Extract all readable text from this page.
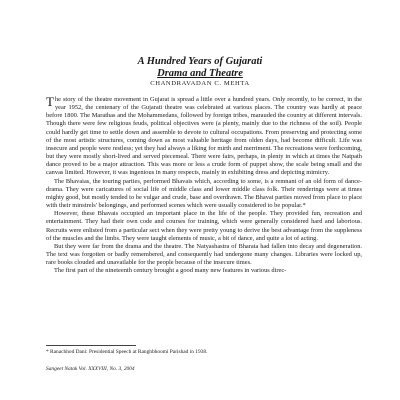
A Hundred Years of Gujarati
Drama and Theatre
CHANDRAVADAN C. MEHTA

The story of the theatre movement in Gujarat is spread a little over a hundred years. Only recently, to be correct, in the year 1952, the centenary of the Gujarati theatre was celebrated at various places. The country was hardly at peace before 1800. The Marathas and the Mohammedans, followed by foreign tribes, marauded the country at different intervals. Though there were few religious feuds, political objectives were (a plenty, mainly due to the richness of the soil). People could hardly get time to settle down and assemble to devote to cultural occupations. From preserving and protecting some of the most artistic structures, coming down as most valuable heritage from olden days, had become difficult. Life was insecure and people were restless; yet they had always a liking for mirth and merriment. The recreations were forthcoming, but they were mostly short-lived and served piecemeal. There were fairs, perhaps, in plenty in which at times the Natpath dance proved to be a major attraction. This was more or less a crude form of puppet show, the scale being small and the canvas limited. However, it was ingenious in many respects, mainly in exhibiting dress and depicting mimicry.

The Bhavaias, the touring parties, performed Bhavais which, according to some, is a remnant of an old form of dance-drama. They were caricatures of social life of middle class and lower middle class folk. Their renderings were at times mighty good, but mostly tended to be vulgar and crude, base and overdrawn. The Bhavai parties moved from place to place with their minstrels' belongings, and performed scenes which were usually considered to be popular.*

However, these Bhavais occupied an important place in the life of the people. They provided fun, recreation and entertainment. They had their own code and courses for training, which were generally considered hard and laborious. Recruits were enlisted from a particular sect when they were pretty young to derive the best advantage from the suppleness of the muscles and the limbs. They were taught elements of music, a bit of dance, and quite a lot of acting.

But they were far from the drama and the theatre. The Natyashastra of Bharata had fallen into decay and degeneration. The text was forgotten or badly remembered, and consequently had undergone many changes. Libraries were locked up, rare books clouded and unavailable for the people because of the insecure times.

The first part of the nineteenth century brought a good many new features in various direc-

* Ranachhod Dani: Presidential Speech at Ranghbhoomi Parishad in 1938.
Sangeet Natak Vol. XXXVIII, No. 3, 2004
